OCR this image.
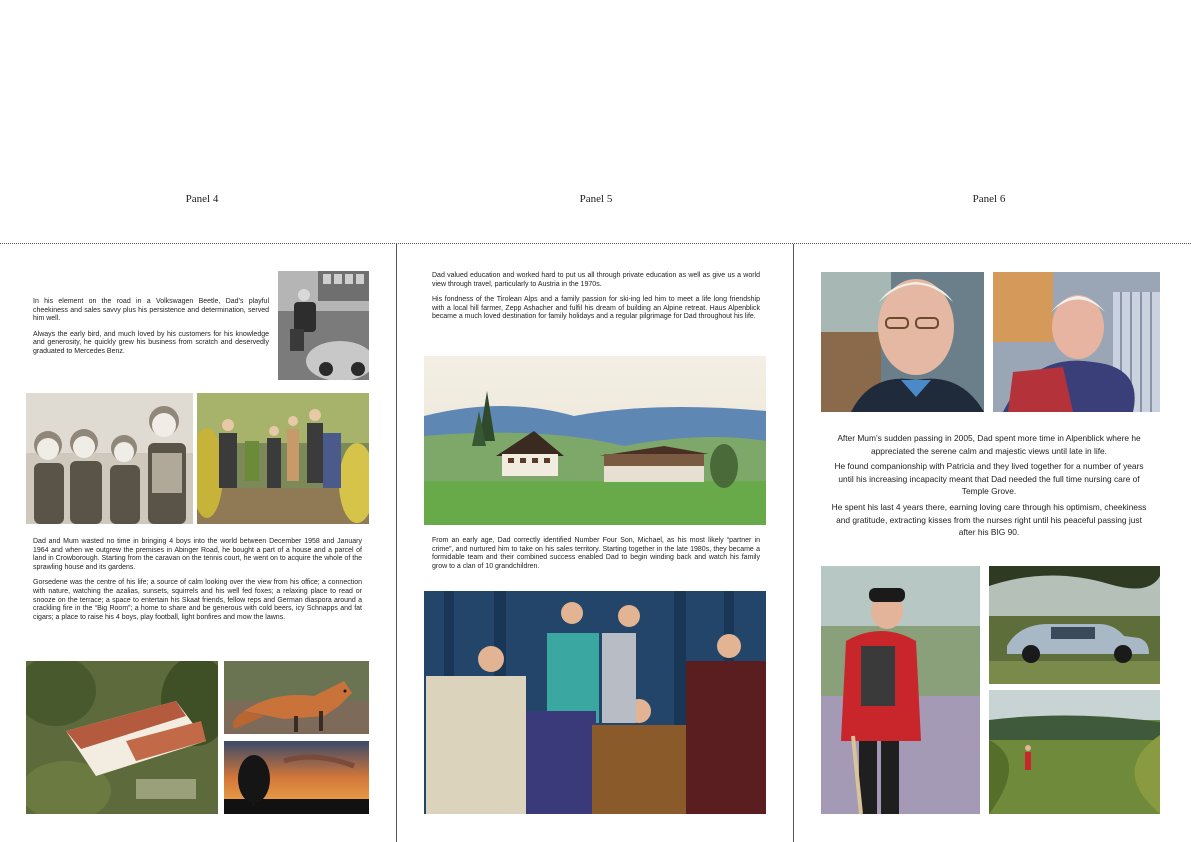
Panel 4	Panel 5	Panel 6

In his element on the road in a Volkswagen Beetle, Dad’s playful cheekiness and sales savvy plus his persistence and determination, served him well.

Always the early bird, and much loved by his customers for his knowledge and generosity, he quickly grew his business from scratch and deservedly graduated to Mercedes Benz.

Dad and Mum wasted no time in bringing 4 boys into the world between December 1958 and January 1964 and when we outgrew the premises in Abinger Road, he bought a part of a house and a parcel of land in Crowborough. Starting from the caravan on the tennis court, he went on to acquire the whole of the sprawling house and its gardens.

Gorsedene was the centre of his life; a source of calm looking over the view from his office; a connection with nature, watching the azalias, sunsets, squirrels and his well fed foxes; a relaxing place to read or snooze on the terrace; a space to entertain his Skaat friends, fellow reps and German diaspora around a crackling fire in the “Big Room”; a home to share and be generous with cold beers, icy Schnapps and fat cigars; a place to raise his 4 boys, play football, light bonfires and mow the lawns.

Dad valued education and worked hard to put us all through private education as well as give us a world view through travel, particularly to Austria in the 1970s.

His fondness of the Tirolean Alps and a family passion for ski-ing led him to meet a life long friendship with a local hill farmer, Zepp Ashacher and fulfil his dream of building an Alpine retreat. Haus Alpenblick became a much loved destination for family holidays and a regular pilgrimage for Dad throughout his life.

From an early age, Dad correctly identified Number Four Son, Michael, as his most likely “partner in crime”, and nurtured him to take on his sales territory. Starting together in the late 1980s, they became a formidable team and their combined success enabled Dad to begin winding back and watch his family grow to a clan of 10 grandchildren.

After Mum’s sudden passing in 2005, Dad spent more time in Alpenblick where he appreciated the serene calm and majestic views until late in life.

He found companionship with Patricia and they lived together for a number of years until his increasing incapacity meant that Dad needed the full time nursing care of Temple Grove.

He spent his last 4 years there, earning loving care through his optimism, cheekiness and gratitude, extracting kisses from the nurses right until his peaceful passing just after his BIG 90.
